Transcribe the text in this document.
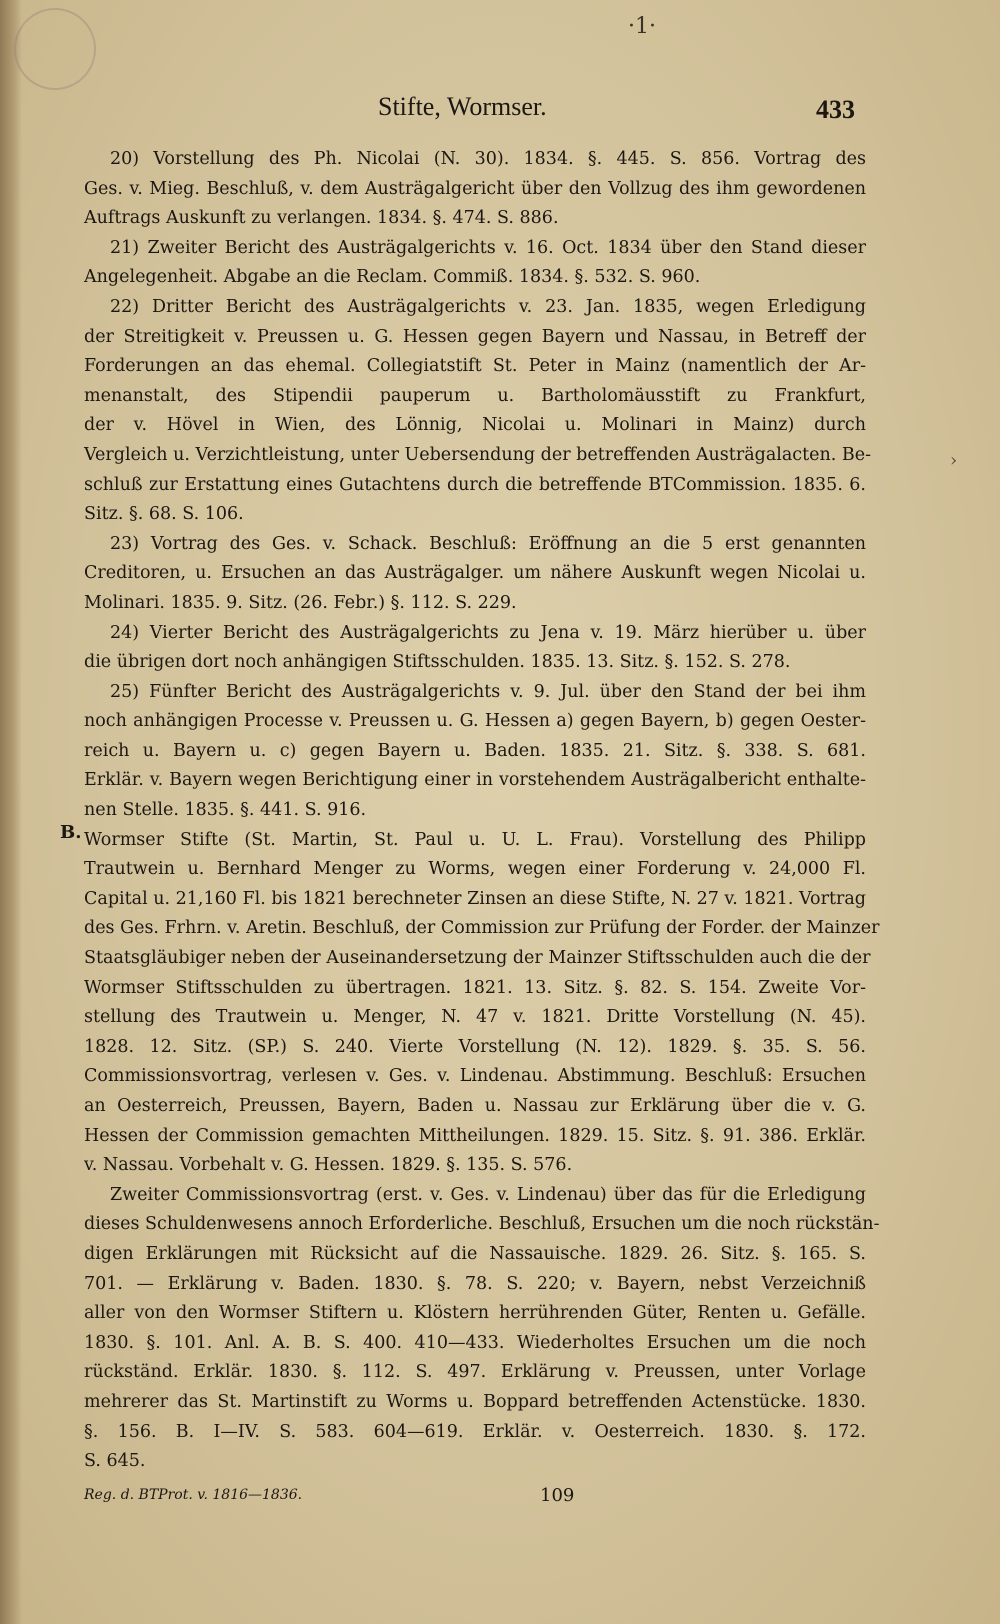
·1·
Stifte, Wormser.	433
B.
›
20) Vorstellung des Ph. Nicolai (N. 30). 1834. §. 445. S. 856. Vortrag des
Ges. v. Mieg. Beschluß, v. dem Austrägalgericht über den Vollzug des ihm gewordenen
Auftrags Auskunft zu verlangen. 1834. §. 474. S. 886.
21) Zweiter Bericht des Austrägalgerichts v. 16. Oct. 1834 über den Stand dieser
Angelegenheit. Abgabe an die Reclam. Commiß. 1834. §. 532. S. 960.
22) Dritter Bericht des Austrägalgerichts v. 23. Jan. 1835, wegen Erledigung
der Streitigkeit v. Preussen u. G. Hessen gegen Bayern und Nassau, in Betreff der
Forderungen an das ehemal. Collegiatstift St. Peter in Mainz (namentlich der Ar-
menanstalt, des Stipendii pauperum u. Bartholomäusstift zu Frankfurt,
der v. Hövel in Wien, des Lönnig, Nicolai u. Molinari in Mainz) durch
Vergleich u. Verzichtleistung, unter Uebersendung der betreffenden Austrägalacten. Be-
schluß zur Erstattung eines Gutachtens durch die betreffende BTCommission. 1835. 6.
Sitz. §. 68. S. 106.
23) Vortrag des Ges. v. Schack. Beschluß: Eröffnung an die 5 erst genannten
Creditoren, u. Ersuchen an das Austrägalger. um nähere Auskunft wegen Nicolai u.
Molinari. 1835. 9. Sitz. (26. Febr.) §. 112. S. 229.
24) Vierter Bericht des Austrägalgerichts zu Jena v. 19. März hierüber u. über
die übrigen dort noch anhängigen Stiftsschulden. 1835. 13. Sitz. §. 152. S. 278.
25) Fünfter Bericht des Austrägalgerichts v. 9. Jul. über den Stand der bei ihm
noch anhängigen Processe v. Preussen u. G. Hessen a) gegen Bayern, b) gegen Oester-
reich u. Bayern u. c) gegen Bayern u. Baden. 1835. 21. Sitz. §. 338. S. 681.
Erklär. v. Bayern wegen Berichtigung einer in vorstehendem Austrägalbericht enthalte-
nen Stelle. 1835. §. 441. S. 916.
Wormser Stifte (St. Martin, St. Paul u. U. L. Frau). Vorstellung des Philipp
Trautwein u. Bernhard Menger zu Worms, wegen einer Forderung v. 24,000 Fl.
Capital u. 21,160 Fl. bis 1821 berechneter Zinsen an diese Stifte, N. 27 v. 1821. Vortrag
des Ges. Frhrn. v. Aretin. Beschluß, der Commission zur Prüfung der Forder. der Mainzer
Staatsgläubiger neben der Auseinandersetzung der Mainzer Stiftsschulden auch die der
Wormser Stiftsschulden zu übertragen. 1821. 13. Sitz. §. 82. S. 154. Zweite Vor-
stellung des Trautwein u. Menger, N. 47 v. 1821. Dritte Vorstellung (N. 45).
1828. 12. Sitz. (SP.) S. 240. Vierte Vorstellung (N. 12). 1829. §. 35. S. 56.
Commissionsvortrag, verlesen v. Ges. v. Lindenau. Abstimmung. Beschluß: Ersuchen
an Oesterreich, Preussen, Bayern, Baden u. Nassau zur Erklärung über die v. G.
Hessen der Commission gemachten Mittheilungen. 1829. 15. Sitz. §. 91. 386. Erklär.
v. Nassau. Vorbehalt v. G. Hessen. 1829. §. 135. S. 576.
Zweiter Commissionsvortrag (erst. v. Ges. v. Lindenau) über das für die Erledigung
dieses Schuldenwesens annoch Erforderliche. Beschluß, Ersuchen um die noch rückstän-
digen Erklärungen mit Rücksicht auf die Nassauische. 1829. 26. Sitz. §. 165. S.
701. — Erklärung v. Baden. 1830. §. 78. S. 220; v. Bayern, nebst Verzeichniß
aller von den Wormser Stiftern u. Klöstern herrührenden Güter, Renten u. Gefälle.
1830. §. 101. Anl. A. B. S. 400. 410—433. Wiederholtes Ersuchen um die noch
rückständ. Erklär. 1830. §. 112. S. 497. Erklärung v. Preussen, unter Vorlage
mehrerer das St. Martinstift zu Worms u. Boppard betreffenden Actenstücke. 1830.
§. 156. B. I—IV. S. 583. 604—619. Erklär. v. Oesterreich. 1830. §. 172.
S. 645.
Reg. d. BTProt. v. 1816—1836.	109
